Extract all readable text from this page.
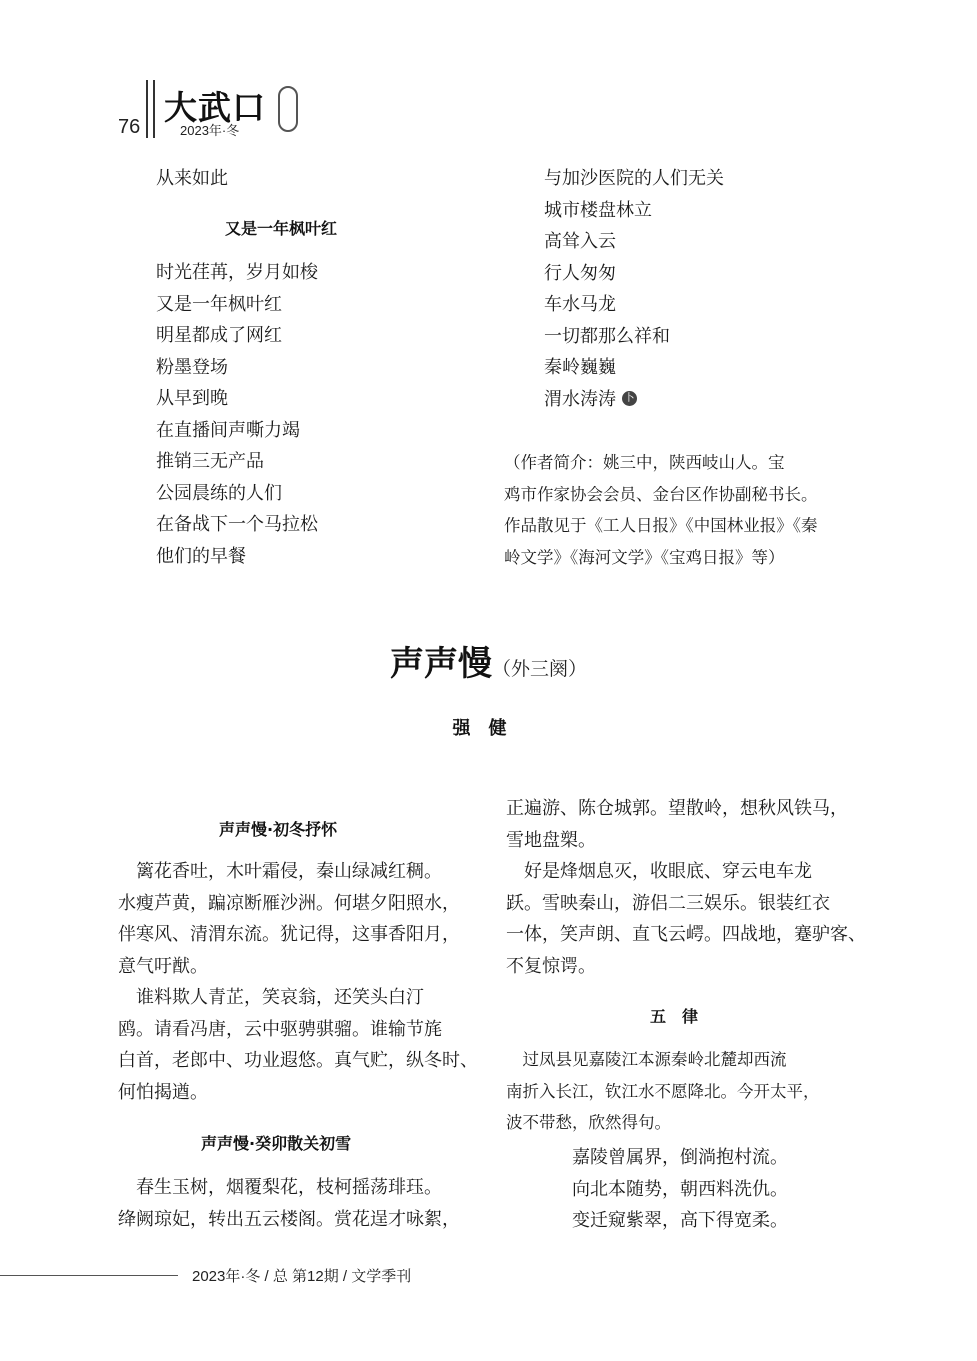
76 大武口
2023年·冬
从来如此
又是一年枫叶红
时光荏苒，岁月如梭
又是一年枫叶红
明星都成了网红
粉墨登场
从早到晚
在直播间声嘶力竭
推销三无产品
公园晨练的人们
在备战下一个马拉松
他们的早餐
与加沙医院的人们无关
城市楼盘林立
高耸入云
行人匆匆
车水马龙
一切都那么祥和
秦岭巍巍
渭水涛涛 卜
（作者简介：姚三中，陕西岐山人。宝
鸡市作家协会会员、金台区作协副秘书长。
作品散见于《工人日报》《中国林业报》《秦
岭文学》《海河文学》《宝鸡日报》等）
声声慢（外三阕）
强健
声声慢·初冬抒怀
　篱花香吐，木叶霜侵，秦山绿减红稠。
水瘦芦黄，蹁凉断雁沙洲。何堪夕阳照水，
伴寒风、清渭东流。犹记得，这事香阳月，
意气吁猷。
　谁料欺人青芷，笑哀翁，还笑头白汀
鸥。请看冯唐，云中驱骋骐骝。谁输节旄
白首，老郎中、功业遐悠。真气贮，纵冬时、
何怕揭遒。
声声慢·癸卯散关初雪
　春生玉树，烟覆梨花，枝柯摇荡琲珏。
绛阙琼妃，转出五云楼阁。赏花逞才咏絮，
正遍游、陈仓城郭。望散岭，想秋风铁马，
雪地盘槊。
　好是烽烟息灭，收眼底、穿云电车龙
跃。雪映秦山，游侣二三娱乐。银装红衣
一体，笑声朗、直飞云崿。四战地，蹇驴客、
不复惊谔。
五　律
　过凤县见嘉陵江本源秦岭北麓却西流
南折入长江，钦江水不愿降北。今开太平，
波不带愁，欣然得句。
嘉陵曾属界，倒淌抱村流。
向北本随势，朝西料洗仇。
变迁窥紫翠，高下得宽柔。
2023年·冬 / 总 第12期 / 文学季刊
